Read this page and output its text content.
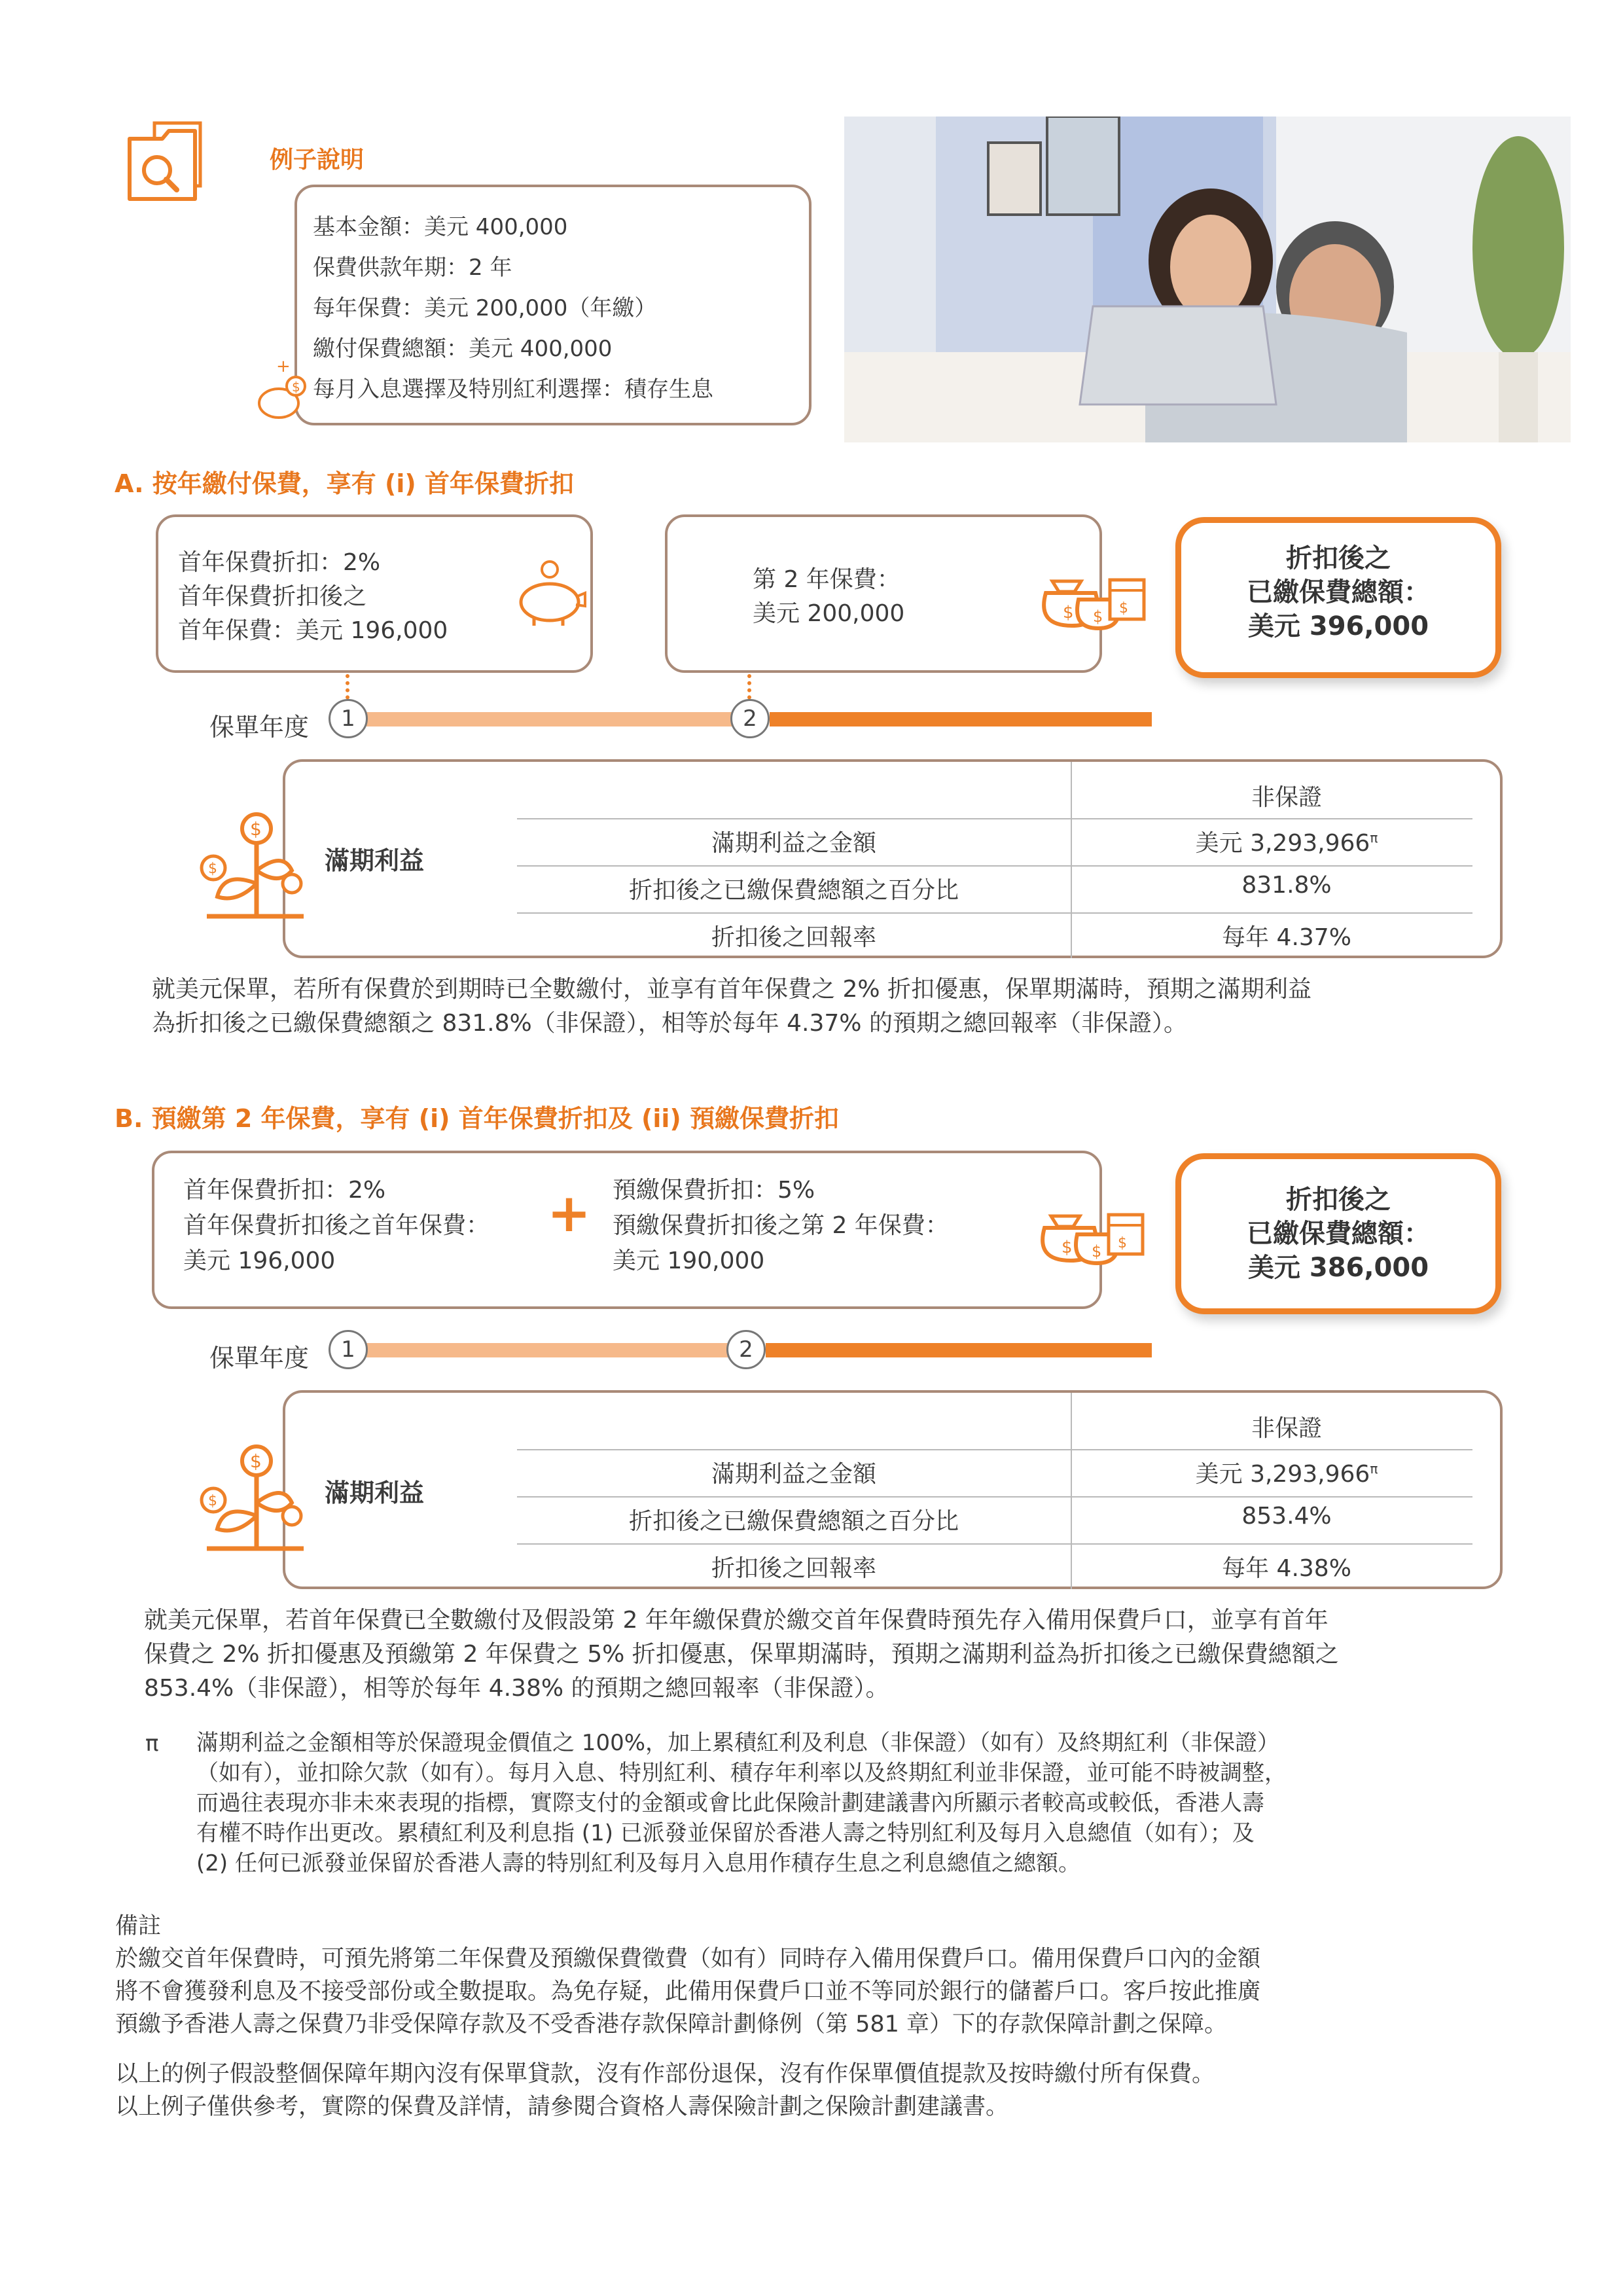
例子說明
基本金額：美元 400,000
保費供款年期：2 年
每年保費：美元 200,000（年繳）
繳付保費總額：美元 400,000
每月入息選擇及特別紅利選擇：積存生息
+
$
A. 按年繳付保費，享有 (i) 首年保費折扣
首年保費折扣：2%
首年保費折扣後之
首年保費：美元 196,000
第 2 年保費：
美元 200,000	$ $ $
折扣後之
已繳保費總額：
美元 396,000
保單年度	1	2
非保證
滿期利益之金額	美元 $3,293,966^\pi$
折扣後之已繳保費總額之百分比	831.8%
折扣後之回報率	每年 4.37%
$
$	滿期利益
就美元保單，若所有保費於到期時已全數繳付，並享有首年保費之 2% 折扣優惠，保單期滿時，預期之滿期利益
為折扣後之已繳保費總額之 831.8%（非保證），相等於每年 4.37% 的預期之總回報率（非保證）。
B. 預繳第 2 年保費，享有 (i) 首年保費折扣及 (ii) 預繳保費折扣
首年保費折扣：2%
首年保費折扣後之首年保費：
美元 196,000
+ 預繳保費折扣：5%
預繳保費折扣後之第 2 年保費：
美元 190,000	$ $ $
折扣後之
已繳保費總額：
美元 386,000
保單年度	1	2
非保證
滿期利益之金額	美元 $3,293,966^\pi$
折扣後之已繳保費總額之百分比	853.4%
折扣後之回報率	每年 4.38%
$
$	滿期利益
就美元保單，若首年保費已全數繳付及假設第 2 年年繳保費於繳交首年保費時預先存入備用保費戶口，並享有首年
保費之 2% 折扣優惠及預繳第 2 年保費之 5% 折扣優惠，保單期滿時，預期之滿期利益為折扣後之已繳保費總額之
853.4%（非保證），相等於每年 4.38% 的預期之總回報率（非保證）。
π 滿期利益之金額相等於保證現金價值之 100%，加上累積紅利及利息（非保證）（如有）及終期紅利（非保證）
（如有），並扣除欠款（如有）。每月入息、特別紅利、積存年利率以及終期紅利並非保證，並可能不時被調整，
而過往表現亦非未來表現的指標，實際支付的金額或會比此保險計劃建議書內所顯示者較高或較低，香港人壽
有權不時作出更改。累積紅利及利息指 (1) 已派發並保留於香港人壽之特別紅利及每月入息總值（如有）；及
(2) 任何已派發並保留於香港人壽的特別紅利及每月入息用作積存生息之利息總值之總額。
備註
於繳交首年保費時，可預先將第二年保費及預繳保費徵費（如有）同時存入備用保費戶口。備用保費戶口內的金額
將不會獲發利息及不接受部份或全數提取。為免存疑，此備用保費戶口並不等同於銀行的儲蓄戶口。客戶按此推廣
預繳予香港人壽之保費乃非受保障存款及不受香港存款保障計劃條例（第 581 章）下的存款保障計劃之保障。
以上的例子假設整個保障年期內沒有保單貸款，沒有作部份退保，沒有作保單價值提款及按時繳付所有保費。
以上例子僅供參考，實際的保費及詳情，請參閱合資格人壽保險計劃之保險計劃建議書。
